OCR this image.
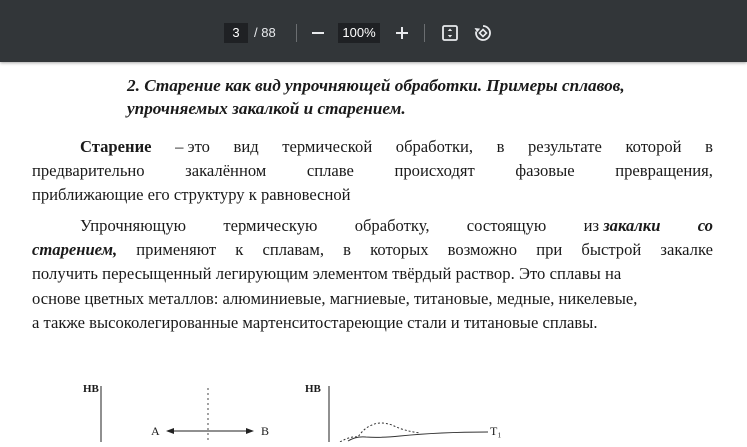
3
/ 88
100%
2. Старение как вид упрочняющей обработки. Примеры сплавов,
упрочняемых закалкой и старением.
Старение – это вид термической обработки, в результате которой в
предварительно закалённом сплаве происходят фазовые превращения,
приближающие его структуру к равновесной
Упрочняющую термическую обработку, состоящую из закалки со
старением, применяют к сплавам, в которых возможно при быстрой закалке
получить пересыщенный легирующим элементом твёрдый раствор. Это сплавы на
основе цветных металлов: алюминиевые, магниевые, титановые, медные, никелевые,
а также высоколегированные мартенситостареющие стали и титановые сплавы.
HB	HB
A	B	T₁
